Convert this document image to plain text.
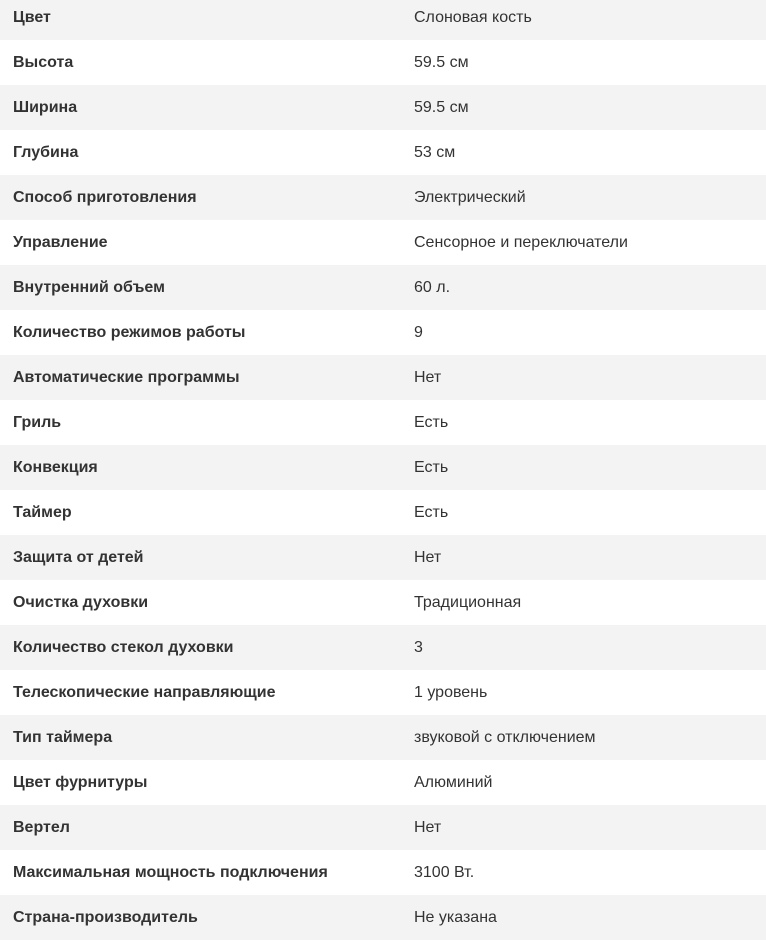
Цвет	Слоновая кость
Высота	59.5 см
Ширина	59.5 см
Глубина	53 см
Способ приготовления	Электрический
Управление	Сенсорное и переключатели
Внутренний объем	60 л.
Количество режимов работы	9
Автоматические программы	Нет
Гриль	Есть
Конвекция	Есть
Таймер	Есть
Защита от детей	Нет
Очистка духовки	Традиционная
Количество стекол духовки	3
Телескопические направляющие	1 уровень
Тип таймера	звуковой с отключением
Цвет фурнитуры	Алюминий
Вертел	Нет
Максимальная мощность подключения	3100 Вт.
Страна-производитель	Не указана
